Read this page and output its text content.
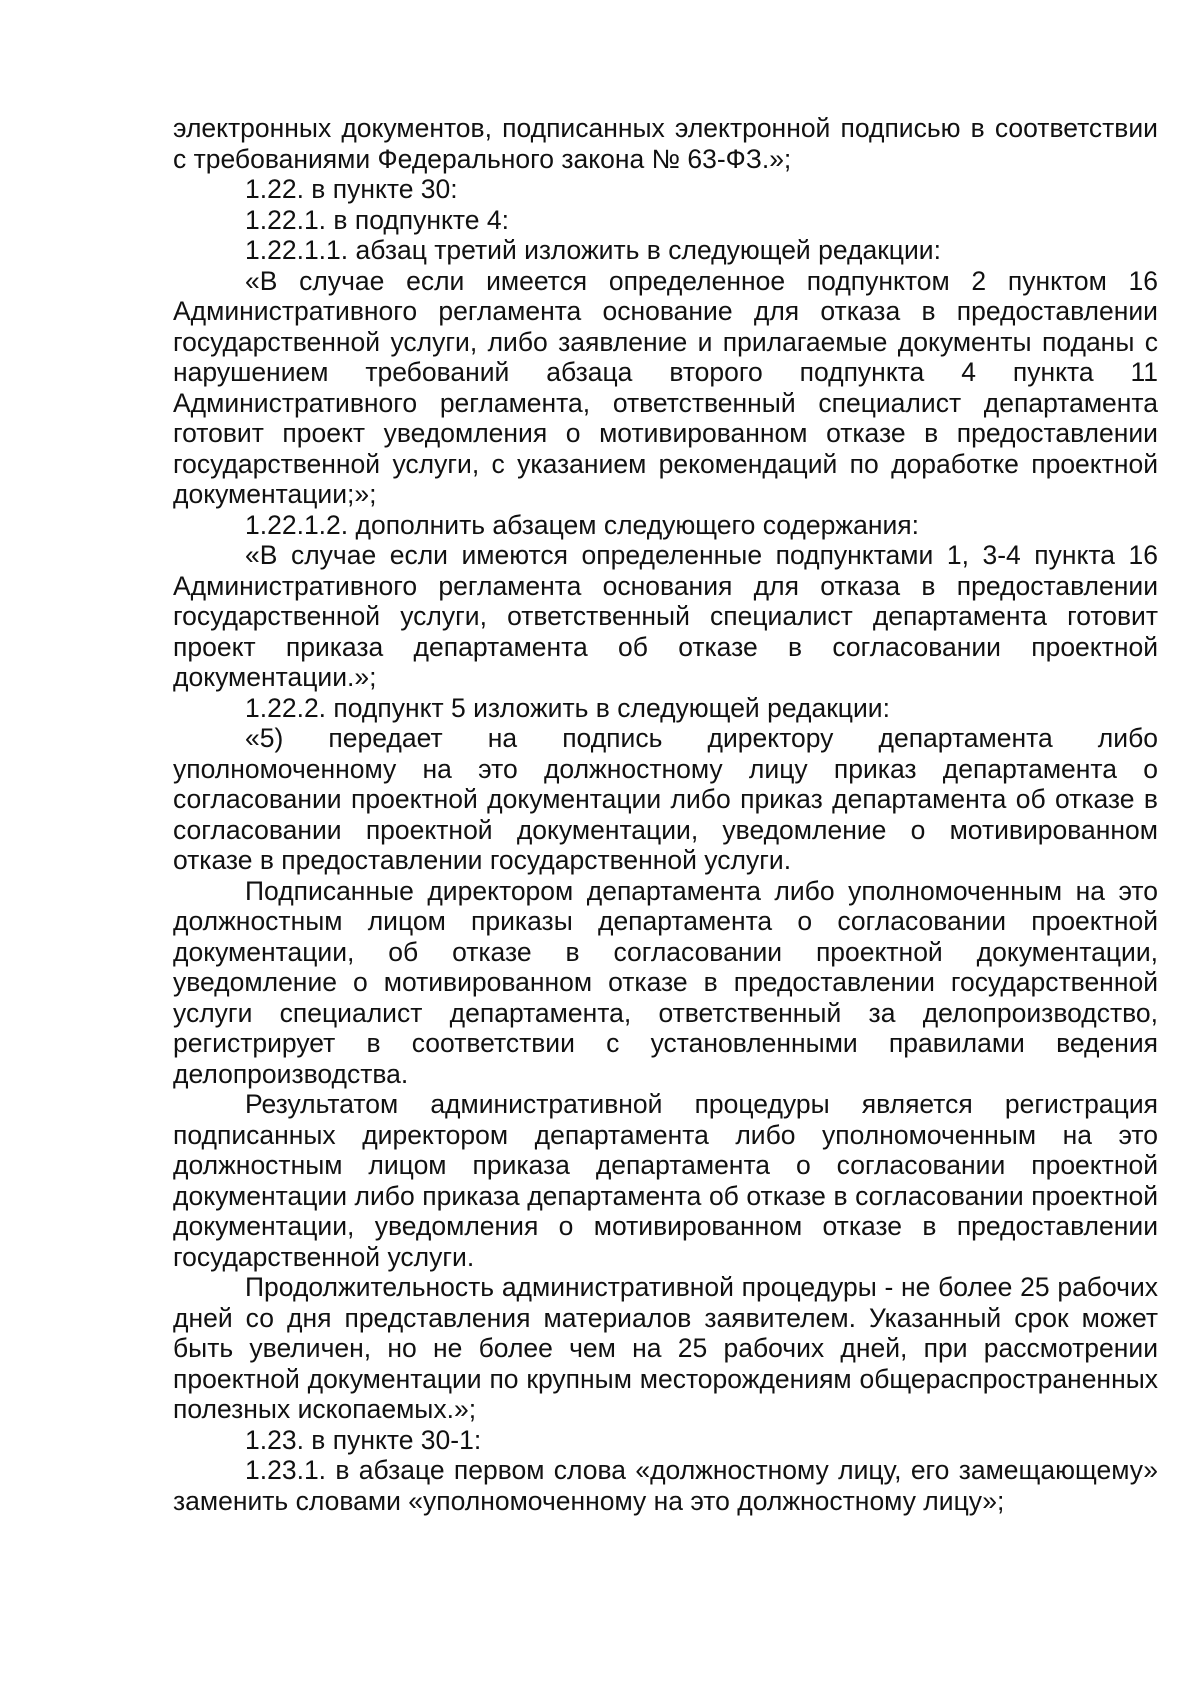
электронных документов, подписанных электронной подписью в соответствии с требованиями Федерального закона № 63-ФЗ.»;

1.22. в пункте 30:

1.22.1. в подпункте 4:

1.22.1.1. абзац третий изложить в следующей редакции:

«В случае если имеется определенное подпунктом 2 пунктом 16 Административного регламента основание для отказа в предоставлении государственной услуги, либо заявление и прилагаемые документы поданы с нарушением требований абзаца второго подпункта 4 пункта 11 Административного регламента, ответственный специалист департамента готовит проект уведомления о мотивированном отказе в предоставлении государственной услуги, с указанием рекомендаций по доработке проектной документации;»;

1.22.1.2. дополнить абзацем следующего содержания:

«В случае если имеются определенные подпунктами 1, 3-4 пункта 16 Административного регламента основания для отказа в предоставлении государственной услуги, ответственный специалист департамента готовит проект приказа департамента об отказе в согласовании проектной документации.»;

1.22.2. подпункт 5 изложить в следующей редакции:

«5) передает на подпись директору департамента либо уполномоченному на это должностному лицу приказ департамента о согласовании проектной документации либо приказ департамента об отказе в согласовании проектной документации, уведомление о мотивированном отказе в предоставлении государственной услуги.

Подписанные директором департамента либо уполномоченным на это должностным лицом приказы департамента о согласовании проектной документации, об отказе в согласовании проектной документации, уведомление о мотивированном отказе в предоставлении государственной услуги специалист департамента, ответственный за делопроизводство, регистрирует в соответствии с установленными правилами ведения делопроизводства.

Результатом административной процедуры является регистрация подписанных директором департамента либо уполномоченным на это должностным лицом приказа департамента о согласовании проектной документации либо приказа департамента об отказе в согласовании проектной документации, уведомления о мотивированном отказе в предоставлении государственной услуги.

Продолжительность административной процедуры - не более 25 рабочих дней со дня представления материалов заявителем. Указанный срок может быть увеличен, но не более чем на 25 рабочих дней, при рассмотрении проектной документации по крупным месторождениям общераспространенных полезных ископаемых.»;

1.23. в пункте 30-1:

1.23.1. в абзаце первом слова «должностному лицу, его замещающему» заменить словами «уполномоченному на это должностному лицу»;
